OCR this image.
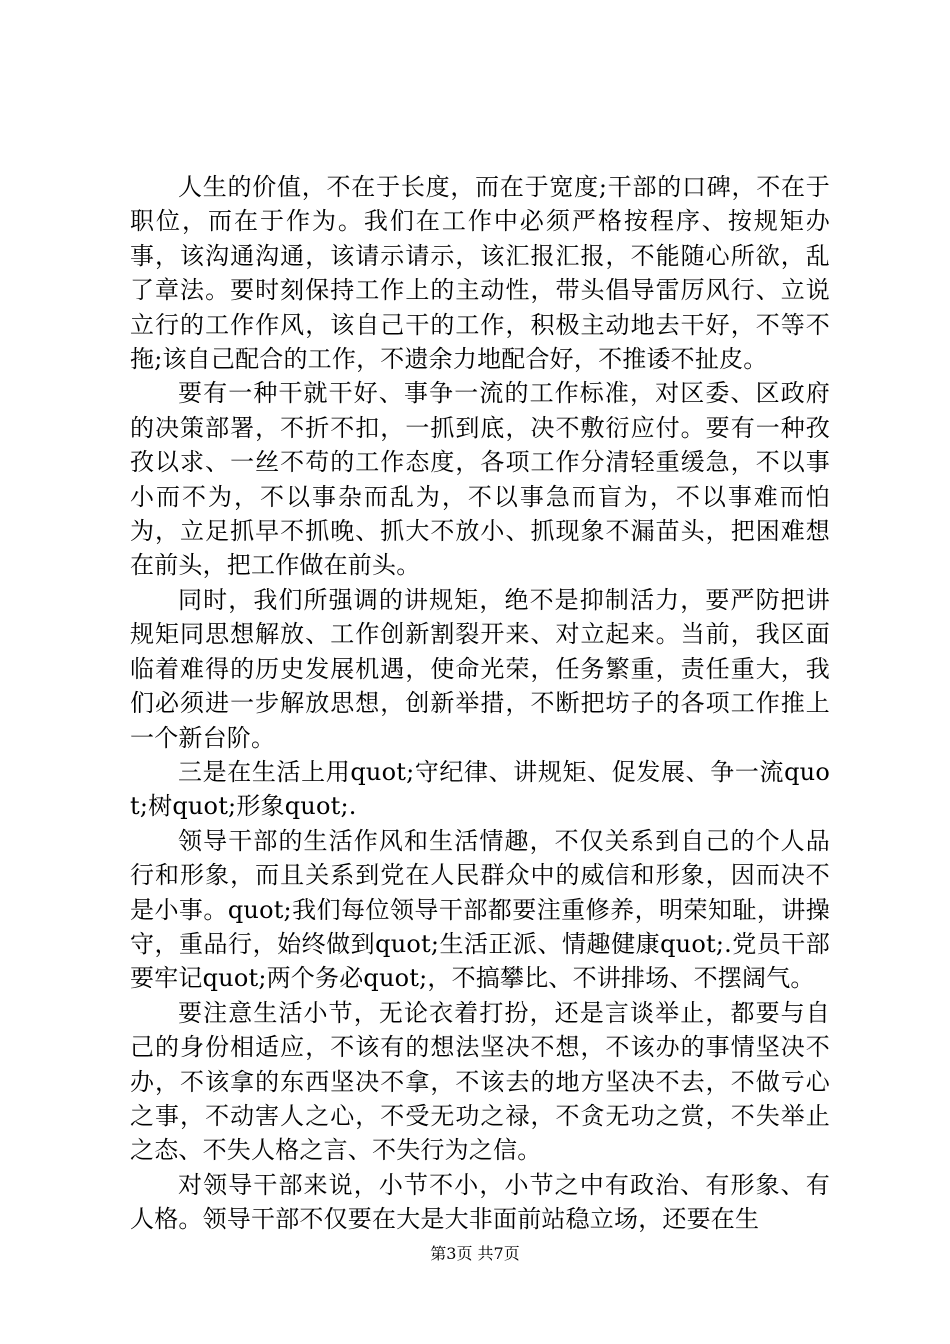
人生的价值，不在于长度，而在于宽度;干部的口碑，不在于职位，而在于作为。我们在工作中必须严格按程序、按规矩办事，该沟通沟通，该请示请示，该汇报汇报，不能随心所欲，乱了章法。要时刻保持工作上的主动性，带头倡导雷厉风行、立说立行的工作作风，该自己干的工作，积极主动地去干好，不等不拖;该自己配合的工作，不遗余力地配合好，不推诿不扯皮。

要有一种干就干好、事争一流的工作标准，对区委、区政府的决策部署，不折不扣，一抓到底，决不敷衍应付。要有一种孜孜以求、一丝不苟的工作态度，各项工作分清轻重缓急，不以事小而不为，不以事杂而乱为，不以事急而盲为，不以事难而怕为，立足抓早不抓晚、抓大不放小、抓现象不漏苗头，把困难想在前头，把工作做在前头。

同时，我们所强调的讲规矩，绝不是抑制活力，要严防把讲规矩同思想解放、工作创新割裂开来、对立起来。当前，我区面临着难得的历史发展机遇，使命光荣，任务繁重，责任重大，我们必须进一步解放思想，创新举措，不断把坊子的各项工作推上一个新台阶。

三是在生活上用quot;守纪律、讲规矩、促发展、争一流quot;树quot;形象quot;.

领导干部的生活作风和生活情趣，不仅关系到自己的个人品行和形象，而且关系到党在人民群众中的威信和形象，因而决不是小事。quot;我们每位领导干部都要注重修养，明荣知耻，讲操守，重品行，始终做到quot;生活正派、情趣健康quot;.党员干部要牢记quot;两个务必quot;，不搞攀比、不讲排场、不摆阔气。

要注意生活小节，无论衣着打扮，还是言谈举止，都要与自己的身份相适应，不该有的想法坚决不想，不该办的事情坚决不办，不该拿的东西坚决不拿，不该去的地方坚决不去，不做亏心之事，不动害人之心，不受无功之禄，不贪无功之赏，不失举止之态、不失人格之言、不失行为之信。

对领导干部来说，小节不小，小节之中有政治、有形象、有人格。领导干部不仅要在大是大非面前站稳立场，还要在生

第3页 共7页
